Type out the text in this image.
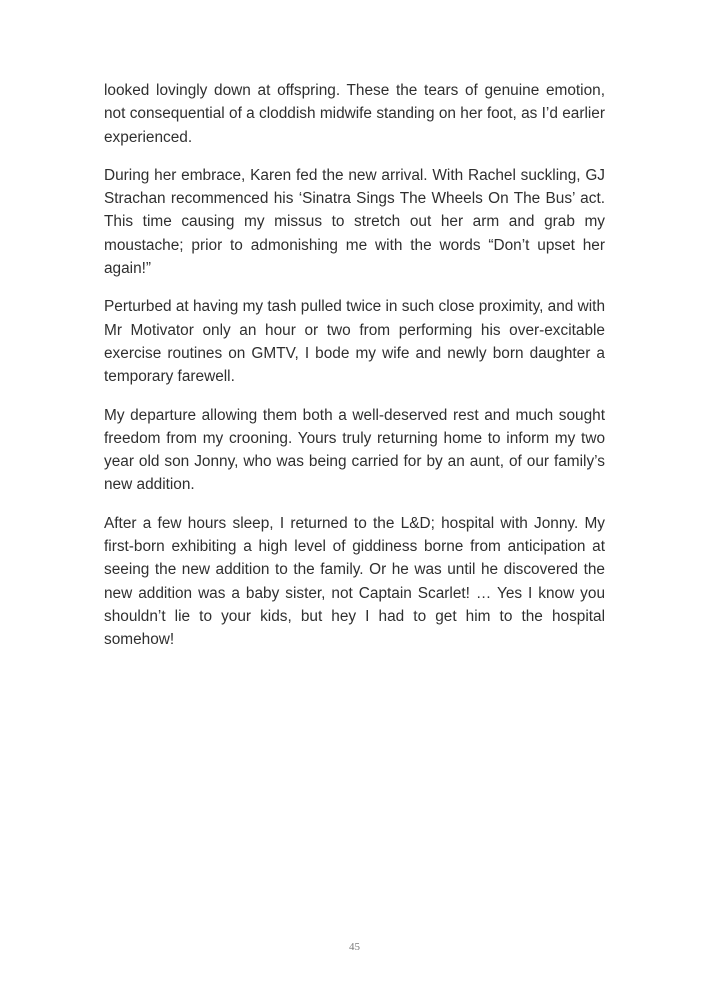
looked lovingly down at offspring. These the tears of genuine emotion, not consequential of a cloddish midwife standing on her foot, as I’d earlier experienced.

During her embrace, Karen fed the new arrival. With Rachel suckling, GJ Strachan recommenced his ‘Sinatra Sings The Wheels On The Bus’ act. This time causing my missus to stretch out her arm and grab my moustache; prior to admonishing me with the words “Don’t upset her again!”

Perturbed at having my tash pulled twice in such close proximity, and with Mr Motivator only an hour or two from performing his over-excitable exercise routines on GMTV, I bode my wife and newly born daughter a temporary farewell.

My departure allowing them both a well-deserved rest and much sought freedom from my crooning. Yours truly returning home to inform my two year old son Jonny, who was being carried for by an aunt, of our family’s new addition.

After a few hours sleep, I returned to the L&D; hospital with Jonny. My first-born exhibiting a high level of giddiness borne from anticipation at seeing the new addition to the family. Or he was until he discovered the new addition was a baby sister, not Captain Scarlet! … Yes I know you shouldn’t lie to your kids, but hey I had to get him to the hospital somehow!

45
